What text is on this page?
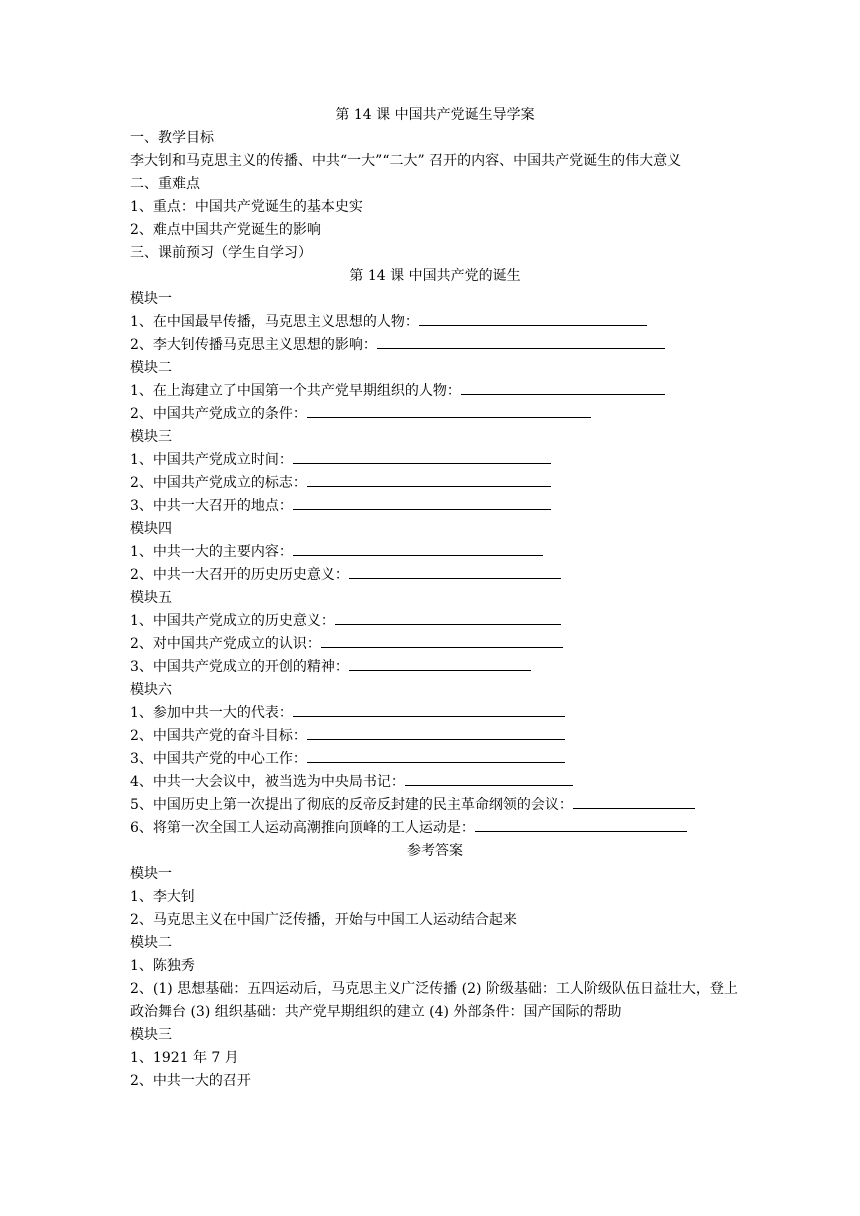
第 14 课 中国共产党诞生导学案
一、教学目标
李大钊和马克思主义的传播、中共“一大”“二大” 召开的内容、中国共产党诞生的伟大意义
二、重难点
1、重点：中国共产党诞生的基本史实
2、难点中国共产党诞生的影响
三、课前预习（学生自学习）
第 14 课 中国共产党的诞生
模块一
1、在中国最早传播，马克思主义思想的人物：
2、李大钊传播马克思主义思想的影响：
模块二
1、在上海建立了中国第一个共产党早期组织的人物：
2、中国共产党成立的条件：
模块三
1、中国共产党成立时间：
2、中国共产党成立的标志：
3、中共一大召开的地点：
模块四
1、中共一大的主要内容：
2、中共一大召开的历史历史意义：
模块五
1、中国共产党成立的历史意义：
2、对中国共产党成立的认识：
3、中国共产党成立的开创的精神：
模块六
1、参加中共一大的代表：
2、中国共产党的奋斗目标：
3、中国共产党的中心工作：
4、中共一大会议中，被当选为中央局书记：
5、中国历史上第一次提出了彻底的反帝反封建的民主革命纲领的会议：
6、将第一次全国工人运动高潮推向顶峰的工人运动是：
参考答案
模块一
1、李大钊
2、马克思主义在中国广泛传播，开始与中国工人运动结合起来
模块二
1、陈独秀
2、(1) 思想基础：五四运动后，马克思主义广泛传播 (2) 阶级基础：工人阶级队伍日益壮大，登上政治舞台 (3) 组织基础：共产党早期组织的建立 (4) 外部条件：国产国际的帮助
模块三
1、1921 年 7 月
2、中共一大的召开
